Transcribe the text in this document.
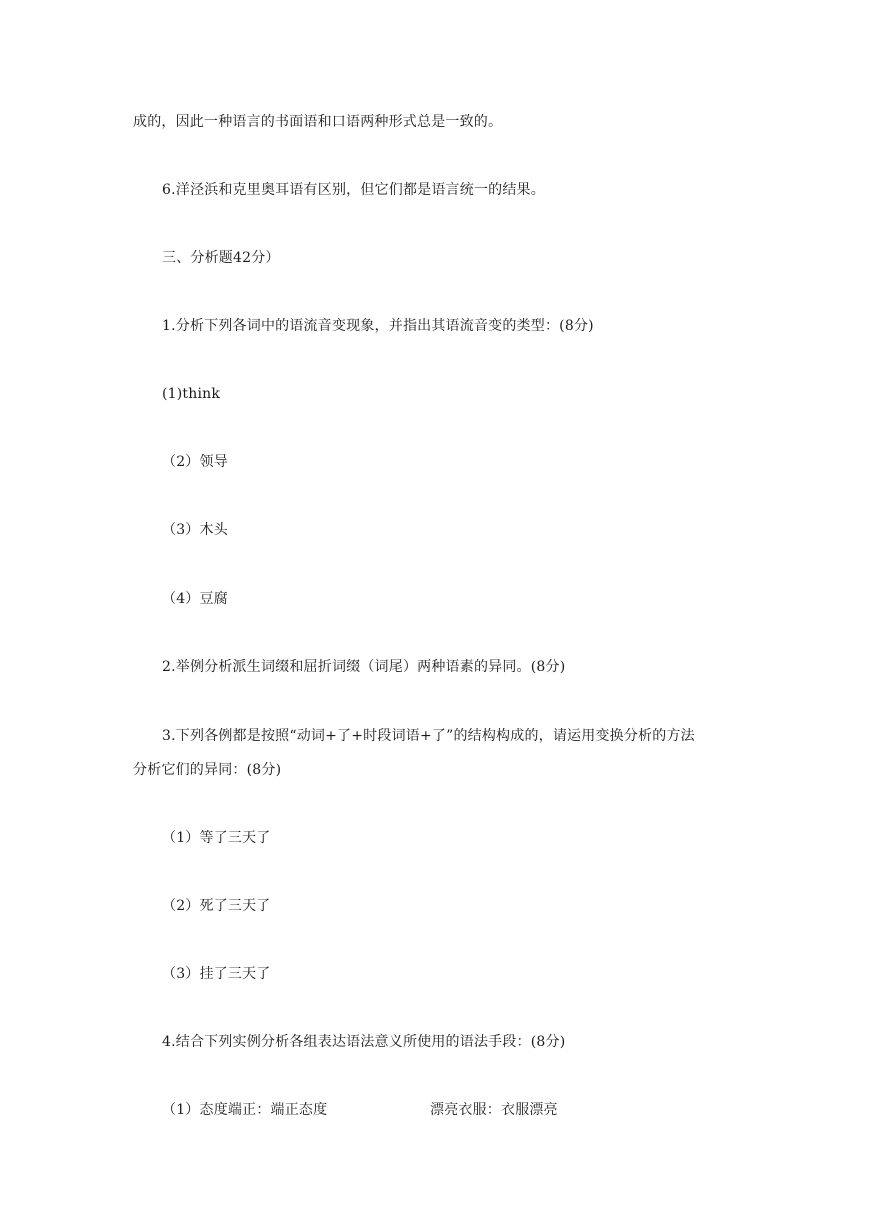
成的，因此一种语言的书面语和口语两种形式总是一致的。
6.洋泾浜和克里奥耳语有区别，但它们都是语言统一的结果。
三、分析题42分）
1.分析下列各词中的语流音变现象，并指出其语流音变的类型：(8分)
(1)think
（2）领导
（3）木头
（4）豆腐
2.举例分析派生词缀和屈折词缀（词尾）两种语素的异同。(8分)
3.下列各例都是按照“动词+了+时段词语+了”的结构构成的，请运用变换分析的方法
分析它们的异同：(8分)
（1）等了三天了
（2）死了三天了
（3）挂了三天了
4.结合下列实例分析各组表达语法意义所使用的语法手段：(8分)
（1）态度端正：端正态度	漂亮衣服：衣服漂亮
